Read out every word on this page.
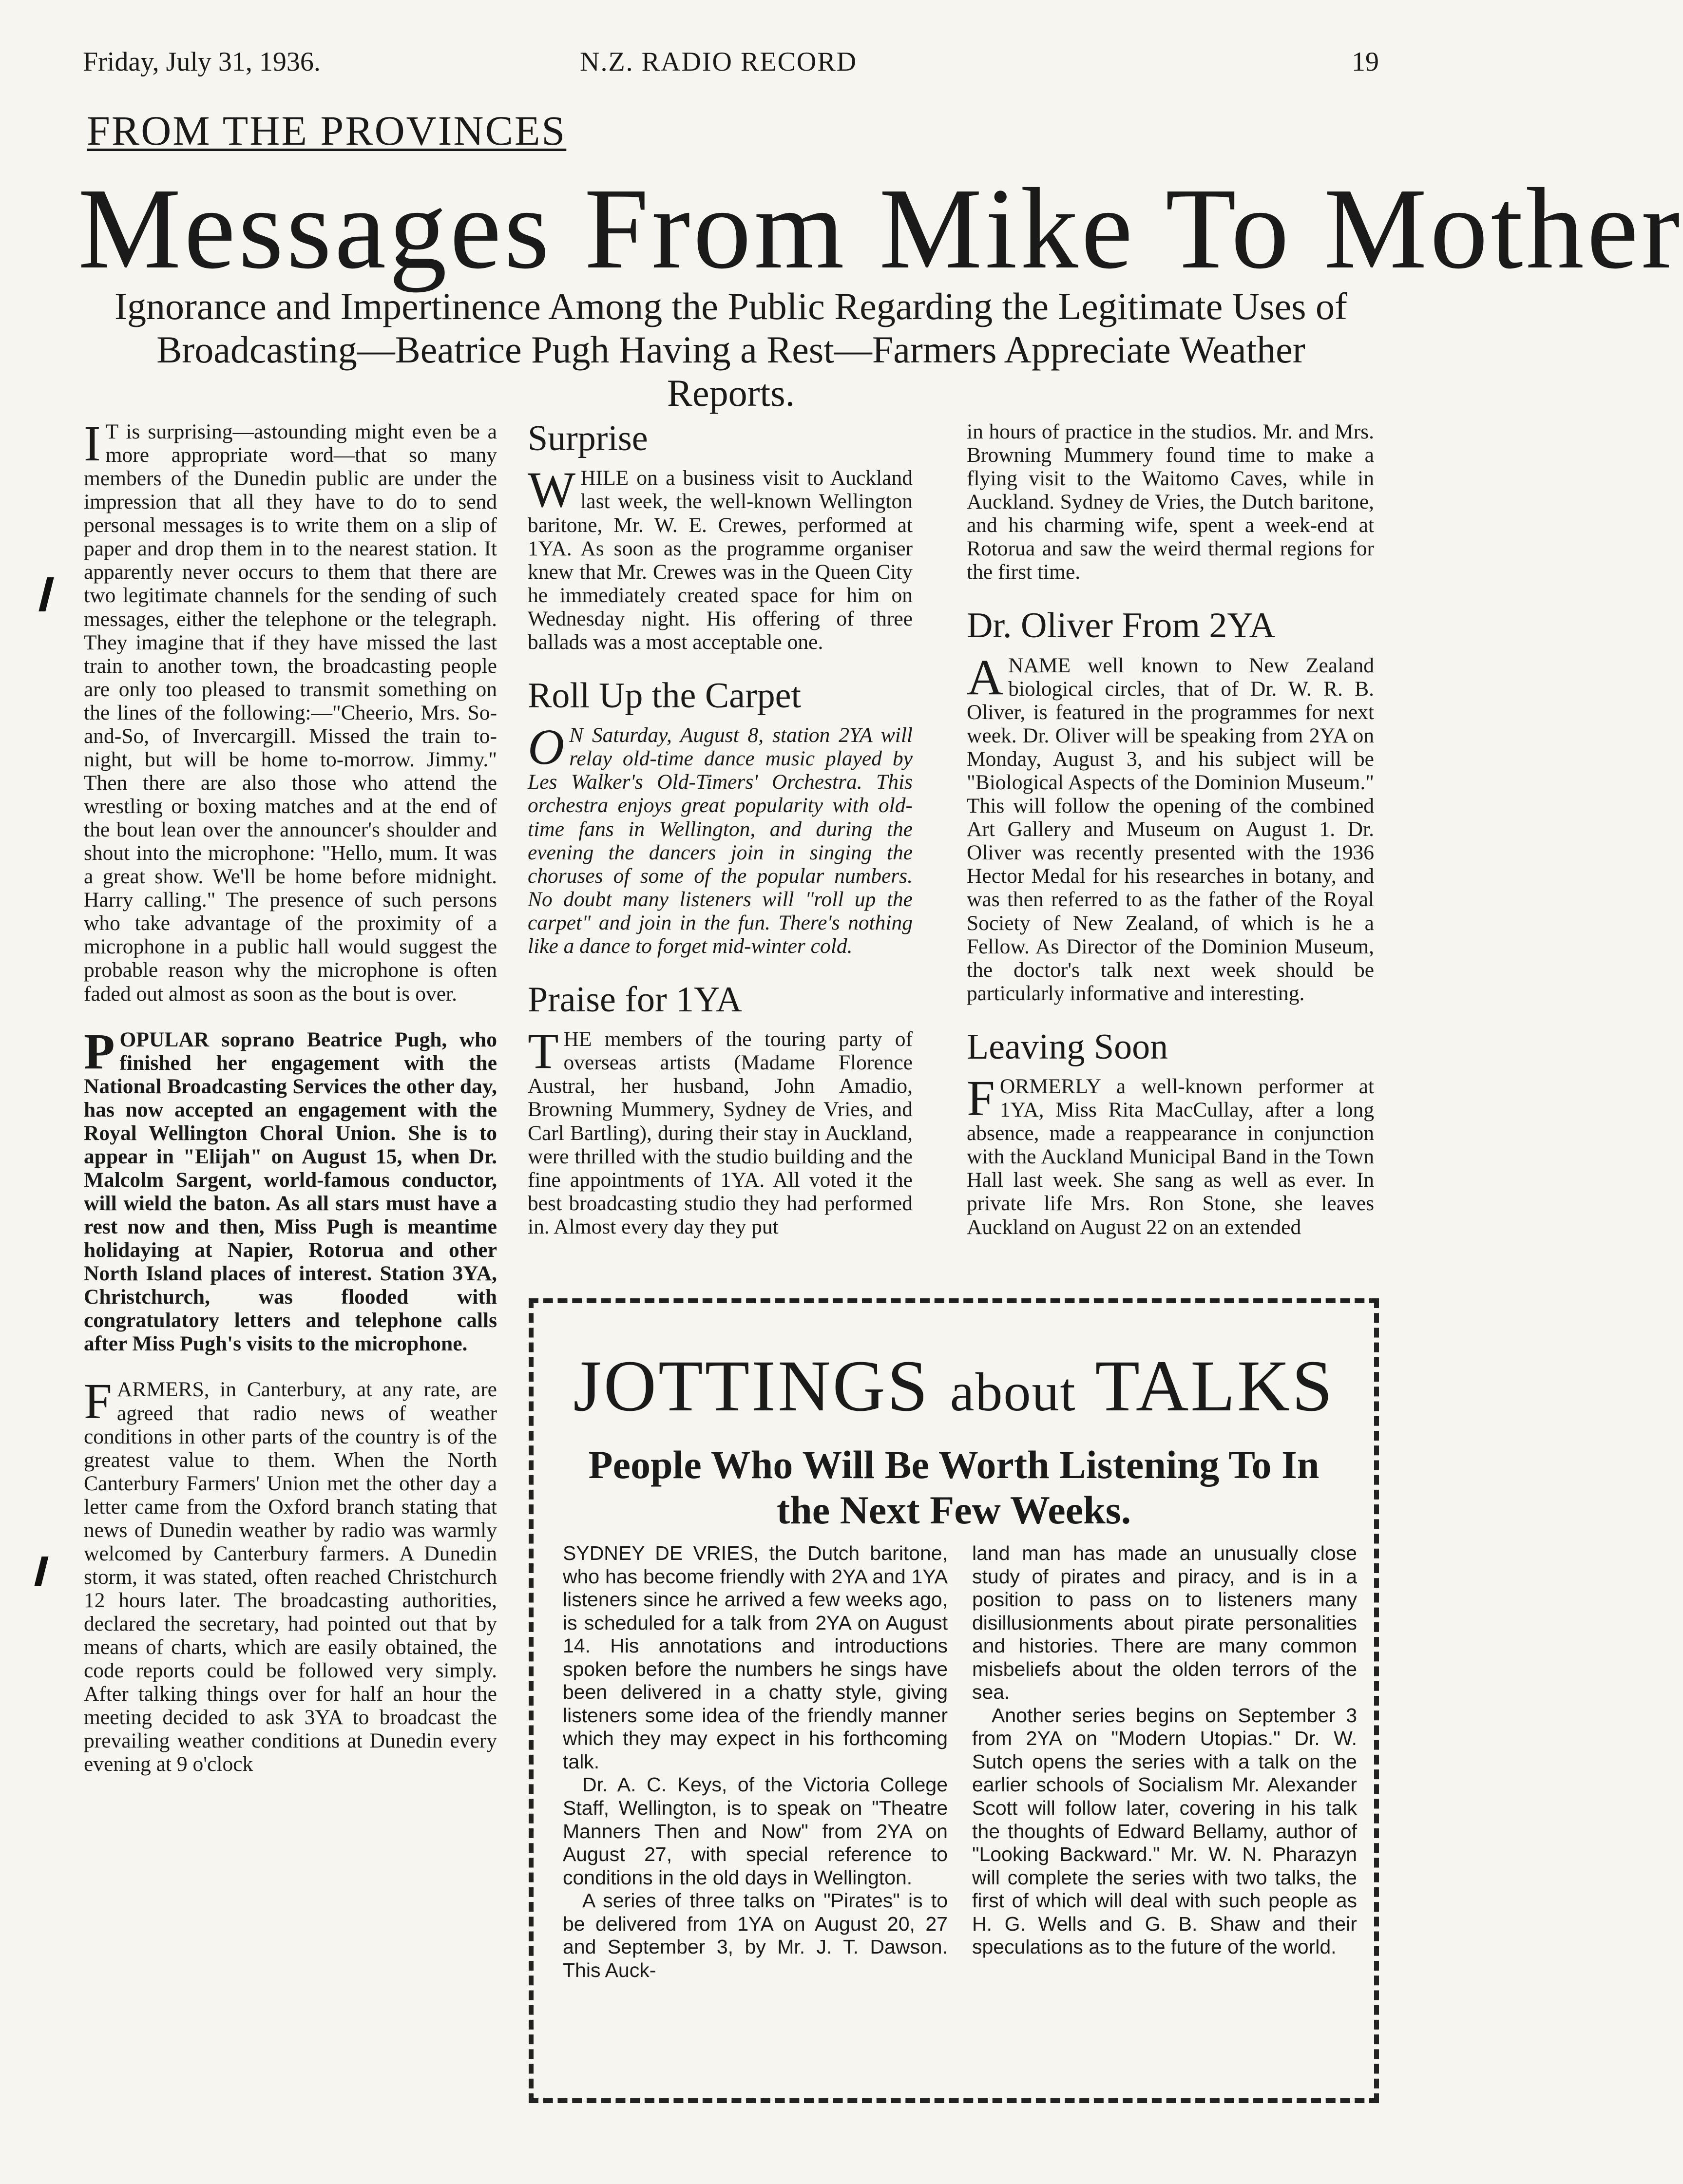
Friday, July 31, 1936.	N.Z. RADIO RECORD	19
FROM THE PROVINCES
Messages From Mike To Mother
Ignorance and Impertinence Among the Public Regarding the Legitimate Uses of Broadcasting—Beatrice Pugh Having a Rest—Farmers Appreciate Weather Reports.

I T is surprising—astounding might even be a more appropriate word—that so many members of the Dunedin public are under the impression that all they have to do to send personal messages is to write them on a slip of paper and drop them in to the nearest station. It apparently never occurs to them that there are two legitimate channels for the sending of such messages, either the telephone or the telegraph. They imagine that if they have missed the last train to another town, the broadcasting people are only too pleased to transmit something on the lines of the following:—"Cheerio, Mrs. So-and-So, of Invercargill. Missed the train to-night, but will be home to-morrow. Jimmy." Then there are also those who attend the wrestling or boxing matches and at the end of the bout lean over the announcer's shoulder and shout into the microphone: "Hello, mum. It was a great show. We'll be home before midnight. Harry calling." The presence of such persons who take advantage of the proximity of a microphone in a public hall would suggest the probable reason why the microphone is often faded out almost as soon as the bout is over.

POPULAR soprano Beatrice Pugh, who finished her engagement with the National Broadcasting Services the other day, has now accepted an engagement with the Royal Wellington Choral Union. She is to appear in "Elijah" on August 15, when Dr. Malcolm Sargent, world-famous conductor, will wield the baton. As all stars must have a rest now and then, Miss Pugh is meantime holidaying at Napier, Rotorua and other North Island places of interest. Station 3YA, Christchurch, was flooded with congratulatory letters and telephone calls after Miss Pugh's visits to the microphone.

FARMERS, in Canterbury, at any rate, are agreed that radio news of weather conditions in other parts of the country is of the greatest value to them. When the North Canterbury Farmers' Union met the other day a letter came from the Oxford branch stating that news of Dunedin weather by radio was warmly welcomed by Canterbury farmers. A Dunedin storm, it was stated, often reached Christchurch 12 hours later. The broadcasting authorities, declared the secretary, had pointed out that by means of charts, which are easily obtained, the code reports could be followed very simply. After talking things over for half an hour the meeting decided to ask 3YA to broadcast the prevailing weather conditions at Dunedin every evening at 9 o'clock

Surprise

WHILE on a business visit to Auckland last week, the well-known Wellington baritone, Mr. W. E. Crewes, performed at 1YA. As soon as the programme organiser knew that Mr. Crewes was in the Queen City he immediately created space for him on Wednesday night. His offering of three ballads was a most acceptable one.

Roll Up the Carpet

O N Saturday, August 8, station 2YA will relay old-time dance music played by Les Walker's Old-Timers' Orchestra. This orchestra enjoys great popularity with old-time fans in Wellington, and during the evening the dancers join in singing the choruses of some of the popular numbers. No doubt many listeners will "roll up the carpet" and join in the fun. There's nothing like a dance to forget mid-winter cold.

Praise for 1YA

THE members of the touring party of overseas artists (Madame Florence Austral, her husband, John Amadio, Browning Mummery, Sydney de Vries, and Carl Bartling), during their stay in Auckland, were thrilled with the studio building and the fine appointments of 1YA. All voted it the best broadcasting studio they had performed in. Almost every day they put

in hours of practice in the studios. Mr. and Mrs. Browning Mummery found time to make a flying visit to the Waitomo Caves, while in Auckland. Sydney de Vries, the Dutch baritone, and his charming wife, spent a week-end at Rotorua and saw the weird thermal regions for the first time.

Dr. Oliver From 2YA

ANAME well known to New Zealand biological circles, that of Dr. W. R. B. Oliver, is featured in the programmes for next week. Dr. Oliver will be speaking from 2YA on Monday, August 3, and his subject will be "Biological Aspects of the Dominion Museum." This will follow the opening of the combined Art Gallery and Museum on August 1. Dr. Oliver was recently presented with the 1936 Hector Medal for his researches in botany, and was then referred to as the father of the Royal Society of New Zealand, of which is he a Fellow. As Director of the Dominion Museum, the doctor's talk next week should be particularly informative and interesting.

Leaving Soon

FORMERLY a well-known performer at 1YA, Miss Rita MacCullay, after a long absence, made a reappearance in conjunction with the Auckland Municipal Band in the Town Hall last week. She sang as well as ever. In private life Mrs. Ron Stone, she leaves Auckland on August 22 on an extended

JOTTINGS about TALKS
People Who Will Be Worth Listening To In the Next Few Weeks.

SYDNEY DE VRIES, the Dutch baritone, who has become friendly with 2YA and 1YA listeners since he arrived a few weeks ago, is scheduled for a talk from 2YA on August 14. His annotations and introductions spoken before the numbers he sings have been delivered in a chatty style, giving listeners some idea of the friendly manner which they may expect in his forthcoming talk.

Dr. A. C. Keys, of the Victoria College Staff, Wellington, is to speak on "Theatre Manners Then and Now" from 2YA on August 27, with special reference to conditions in the old days in Wellington.

A series of three talks on "Pirates" is to be delivered from 1YA on August 20, 27 and September 3, by Mr. J. T. Dawson. This Auck-

land man has made an unusually close study of pirates and piracy, and is in a position to pass on to listeners many disillusionments about pirate personalities and histories. There are many common misbeliefs about the olden terrors of the sea.

Another series begins on September 3 from 2YA on "Modern Utopias." Dr. W. Sutch opens the series with a talk on the earlier schools of Socialism Mr. Alexander Scott will follow later, covering in his talk the thoughts of Edward Bellamy, author of "Looking Backward." Mr. W. N. Pharazyn will complete the series with two talks, the first of which will deal with such people as H. G. Wells and G. B. Shaw and their speculations as to the future of the world.
